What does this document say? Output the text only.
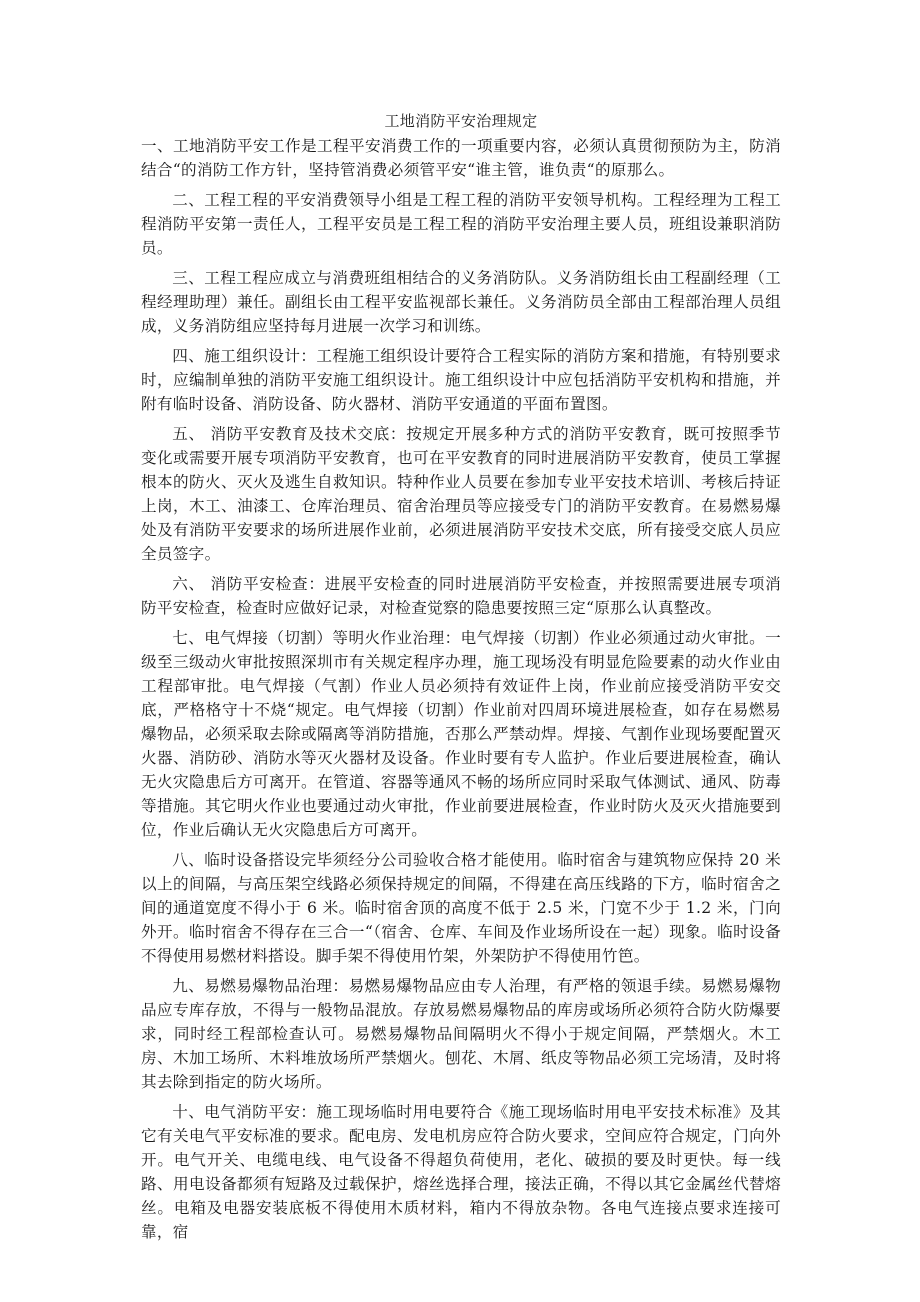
工地消防平安治理规定

一、工地消防平安工作是工程平安消费工作的一项重要内容，必须认真贯彻预防为主，防消结合“的消防工作方针，坚持管消费必须管平安“谁主管，谁负责“的原那么。

二、工程工程的平安消费领导小组是工程工程的消防平安领导机构。工程经理为工程工程消防平安第一责任人，工程平安员是工程工程的消防平安治理主要人员，班组设兼职消防员。

三、工程工程应成立与消费班组相结合的义务消防队。义务消防组长由工程副经理（工程经理助理）兼任。副组长由工程平安监视部长兼任。义务消防员全部由工程部治理人员组成，义务消防组应坚持每月进展一次学习和训练。

四、施工组织设计：工程施工组织设计要符合工程实际的消防方案和措施，有特别要求时，应编制单独的消防平安施工组织设计。施工组织设计中应包括消防平安机构和措施，并附有临时设备、消防设备、防火器材、消防平安通道的平面布置图。

五、 消防平安教育及技术交底：按规定开展多种方式的消防平安教育，既可按照季节变化或需要开展专项消防平安教育，也可在平安教育的同时进展消防平安教育，使员工掌握根本的防火、灭火及逃生自救知识。特种作业人员要在参加专业平安技术培训、考核后持证上岗，木工、油漆工、仓库治理员、宿舍治理员等应接受专门的消防平安教育。在易燃易爆处及有消防平安要求的场所进展作业前，必须进展消防平安技术交底，所有接受交底人员应全员签字。

六、 消防平安检查：进展平安检查的同时进展消防平安检查，并按照需要进展专项消防平安检查，检查时应做好记录，对检查觉察的隐患要按照三定“原那么认真整改。

七、电气焊接（切割）等明火作业治理：电气焊接（切割）作业必须通过动火审批。一级至三级动火审批按照深圳市有关规定程序办理，施工现场没有明显危险要素的动火作业由工程部审批。电气焊接（气割）作业人员必须持有效证件上岗，作业前应接受消防平安交底，严格格守十不烧“规定。电气焊接（切割）作业前对四周环境进展检查，如存在易燃易爆物品，必须采取去除或隔离等消防措施，否那么严禁动焊。焊接、气割作业现场要配置灭火器、消防砂、消防水等灭火器材及设备。作业时要有专人监护。作业后要进展检查，确认无火灾隐患后方可离开。在管道、容器等通风不畅的场所应同时采取气体测试、通风、防毒等措施。其它明火作业也要通过动火审批，作业前要进展检查，作业时防火及灭火措施要到位，作业后确认无火灾隐患后方可离开。

八、临时设备搭设完毕须经分公司验收合格才能使用。临时宿舍与建筑物应保持 20 米以上的间隔，与高压架空线路必须保持规定的间隔，不得建在高压线路的下方，临时宿舍之间的通道宽度不得小于 6 米。临时宿舍顶的高度不低于 2.5 米，门宽不少于 1.2 米，门向外开。临时宿舍不得存在三合一“（宿舍、仓库、车间及作业场所设在一起）现象。临时设备不得使用易燃材料搭设。脚手架不得使用竹架，外架防护不得使用竹笆。

九、易燃易爆物品治理：易燃易爆物品应由专人治理，有严格的领退手续。易燃易爆物品应专库存放，不得与一般物品混放。存放易燃易爆物品的库房或场所必须符合防火防爆要求，同时经工程部检查认可。易燃易爆物品间隔明火不得小于规定间隔，严禁烟火。木工房、木加工场所、木料堆放场所严禁烟火。刨花、木屑、纸皮等物品必须工完场清，及时将其去除到指定的防火场所。

十、电气消防平安：施工现场临时用电要符合《施工现场临时用电平安技术标准》及其它有关电气平安标准的要求。配电房、发电机房应符合防火要求，空间应符合规定，门向外开。电气开关、电缆电线、电气设备不得超负荷使用，老化、破损的要及时更快。每一线路、用电设备都须有短路及过载保护，熔丝选择合理，接法正确，不得以其它金属丝代替熔丝。电箱及电器安装底板不得使用木质材料，箱内不得放杂物。各电气连接点要求连接可靠，宿
